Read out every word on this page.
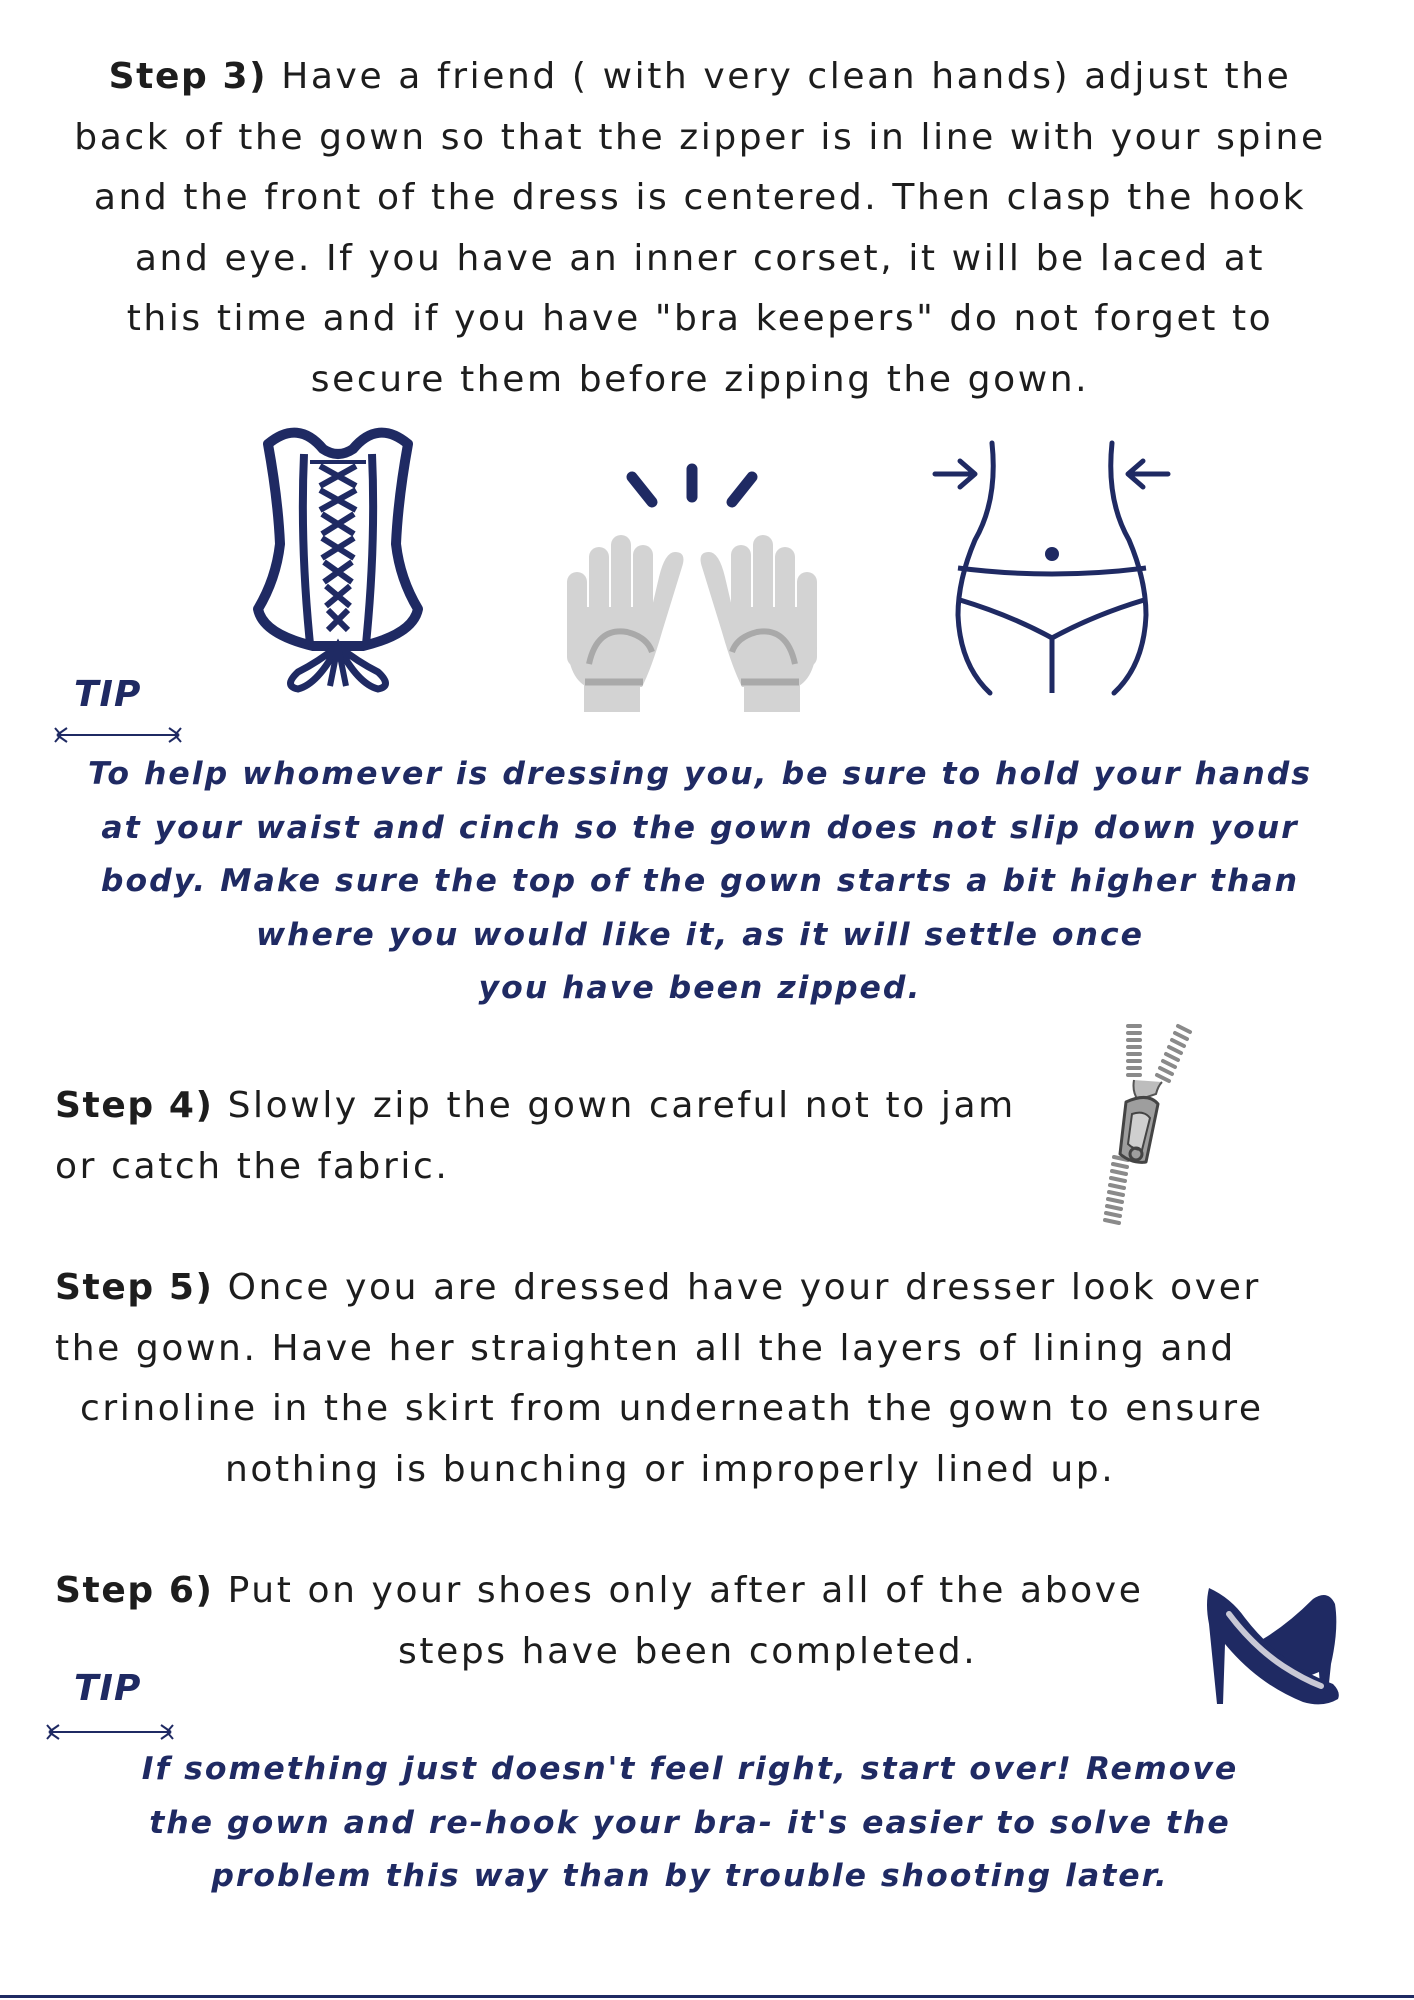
Step 3) Have a friend ( with very clean hands) adjust the
back of the gown so that the zipper is in line with your spine
and the front of the dress is centered. Then clasp the hook
and eye. If you have an inner corset, it will be laced at
this time and if you have "bra keepers" do not forget to
secure them before zipping the gown.

TIP

To help whomever is dressing you, be sure to hold your hands
at your waist and cinch so the gown does not slip down your
body. Make sure the top of the gown starts a bit higher than
where you would like it, as it will settle once
you have been zipped.
Step 4) Slowly zip the gown careful not to jam
or catch the fabric.
Step 5) Once you are dressed have your dresser look over
the gown. Have her straighten all the layers of lining and
crinoline in the skirt from underneath the gown to ensure
nothing is bunching or improperly lined up.
Step 6) Put on your shoes only after all of the above
steps have been completed.

TIP

If something just doesn't feel right, start over! Remove
the gown and re-hook your bra- it's easier to solve the
problem this way than by trouble shooting later.
